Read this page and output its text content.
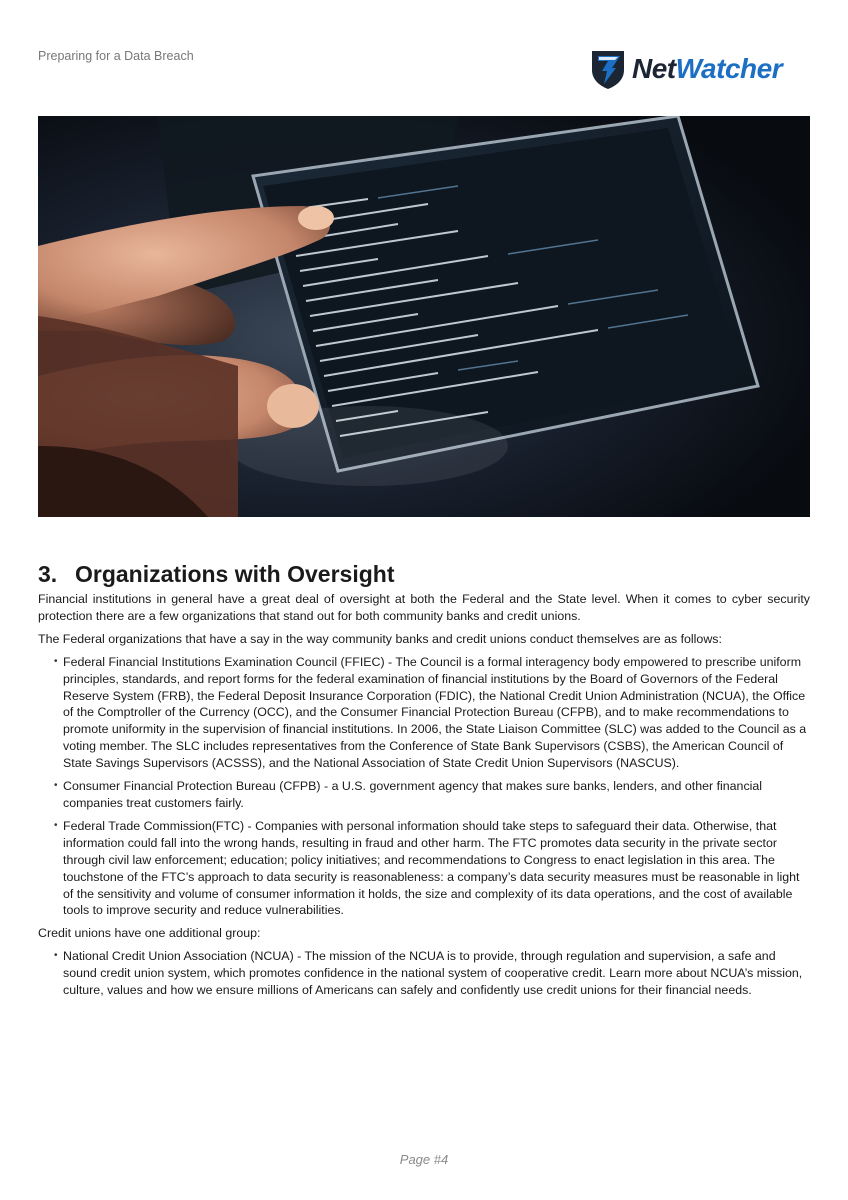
Preparing for a Data Breach	NetWatcher
3. Organizations with Oversight

Financial institutions in general have a great deal of oversight at both the Federal and the State level. When it comes to cyber security protection there are a few organizations that stand out for both community banks and credit unions.

The Federal organizations that have a say in the way community banks and credit unions conduct themselves are as follows:

• Federal Financial Institutions Examination Council (FFIEC) - The Council is a formal interagency body empowered to prescribe uniform principles, standards, and report forms for the federal examination of financial institutions by the Board of Governors of the Federal Reserve System (FRB), the Federal Deposit Insurance Corporation (FDIC), the National Credit Union Administration (NCUA), the Office of the Comptroller of the Currency (OCC), and the Consumer Financial Protection Bureau (CFPB), and to make recommendations to promote uniformity in the supervision of financial institutions. In 2006, the State Liaison Committee (SLC) was added to the Council as a voting member. The SLC includes representatives from the Conference of State Bank Supervisors (CSBS), the American Council of State Savings Supervisors (ACSSS), and the National Association of State Credit Union Supervisors (NASCUS).
• Consumer Financial Protection Bureau (CFPB) - a U.S. government agency that makes sure banks, lenders, and other financial companies treat customers fairly.
• Federal Trade Commission(FTC) - Companies with personal information should take steps to safeguard their data. Otherwise, that information could fall into the wrong hands, resulting in fraud and other harm. The FTC promotes data security in the private sector through civil law enforcement; education; policy initiatives; and recommendations to Congress to enact legislation in this area. The touchstone of the FTC’s approach to data security is reasonableness: a company’s data security measures must be reasonable in light of the sensitivity and volume of consumer information it holds, the size and complexity of its data operations, and the cost of available tools to improve security and reduce vulnerabilities.

Credit unions have one additional group:

• National Credit Union Association (NCUA) - The mission of the NCUA is to provide, through regulation and supervision, a safe and sound credit union system, which promotes confidence in the national system of cooperative credit. Learn more about NCUA’s mission, culture, values and how we ensure millions of Americans can safely and confidently use credit unions for their financial needs.
Page #4
